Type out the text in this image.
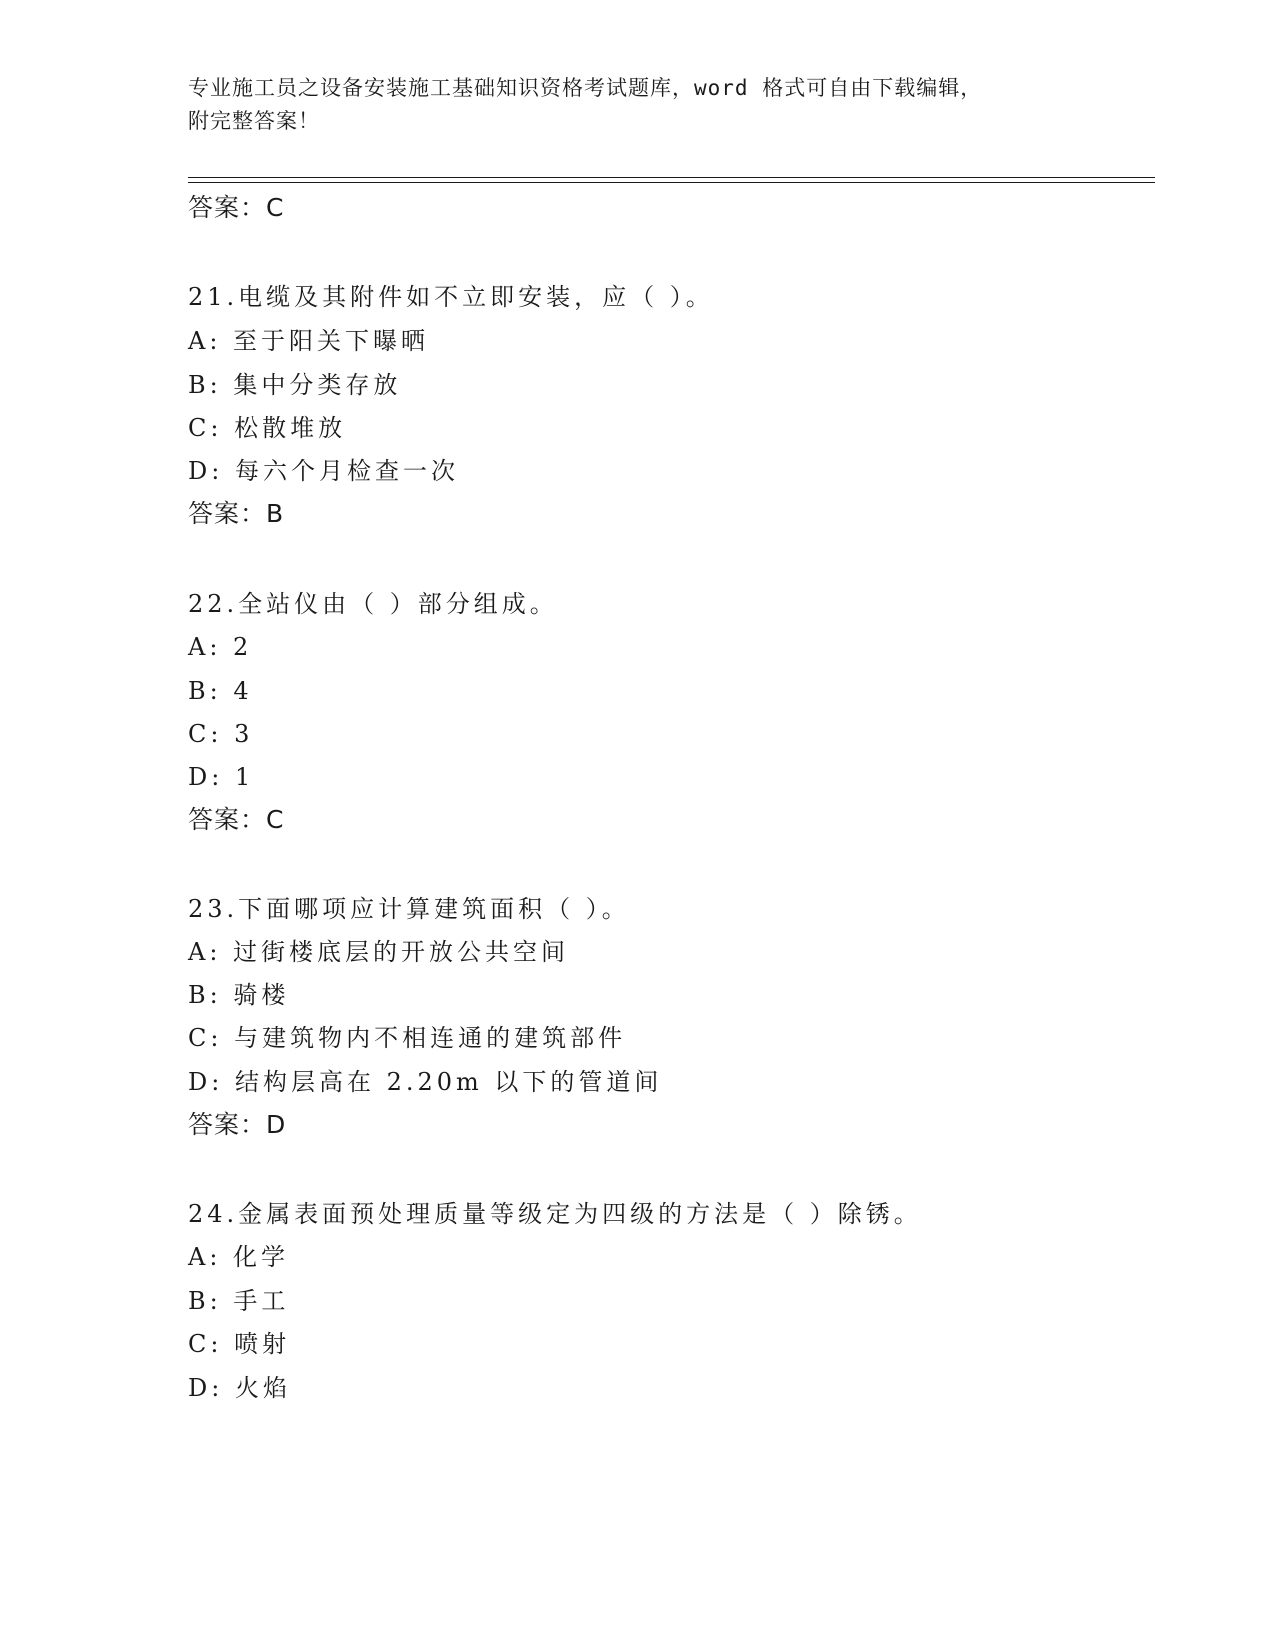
专业施工员之设备安装施工基础知识资格考试题库，word 格式可自由下载编辑，
附完整答案！
答案：C
21.电缆及其附件如不立即安装，应（ ）。
A: 至于阳关下曝晒
B: 集中分类存放
C: 松散堆放
D: 每六个月检查一次
答案：B
22.全站仪由（ ）部分组成。
A: 2
B: 4
C: 3
D: 1
答案：C
23.下面哪项应计算建筑面积（ ）。
A: 过街楼底层的开放公共空间
B: 骑楼
C: 与建筑物内不相连通的建筑部件
D: 结构层高在 2.20m 以下的管道间
答案：D
24.金属表面预处理质量等级定为四级的方法是（ ）除锈。
A: 化学
B: 手工
C: 喷射
D: 火焰
